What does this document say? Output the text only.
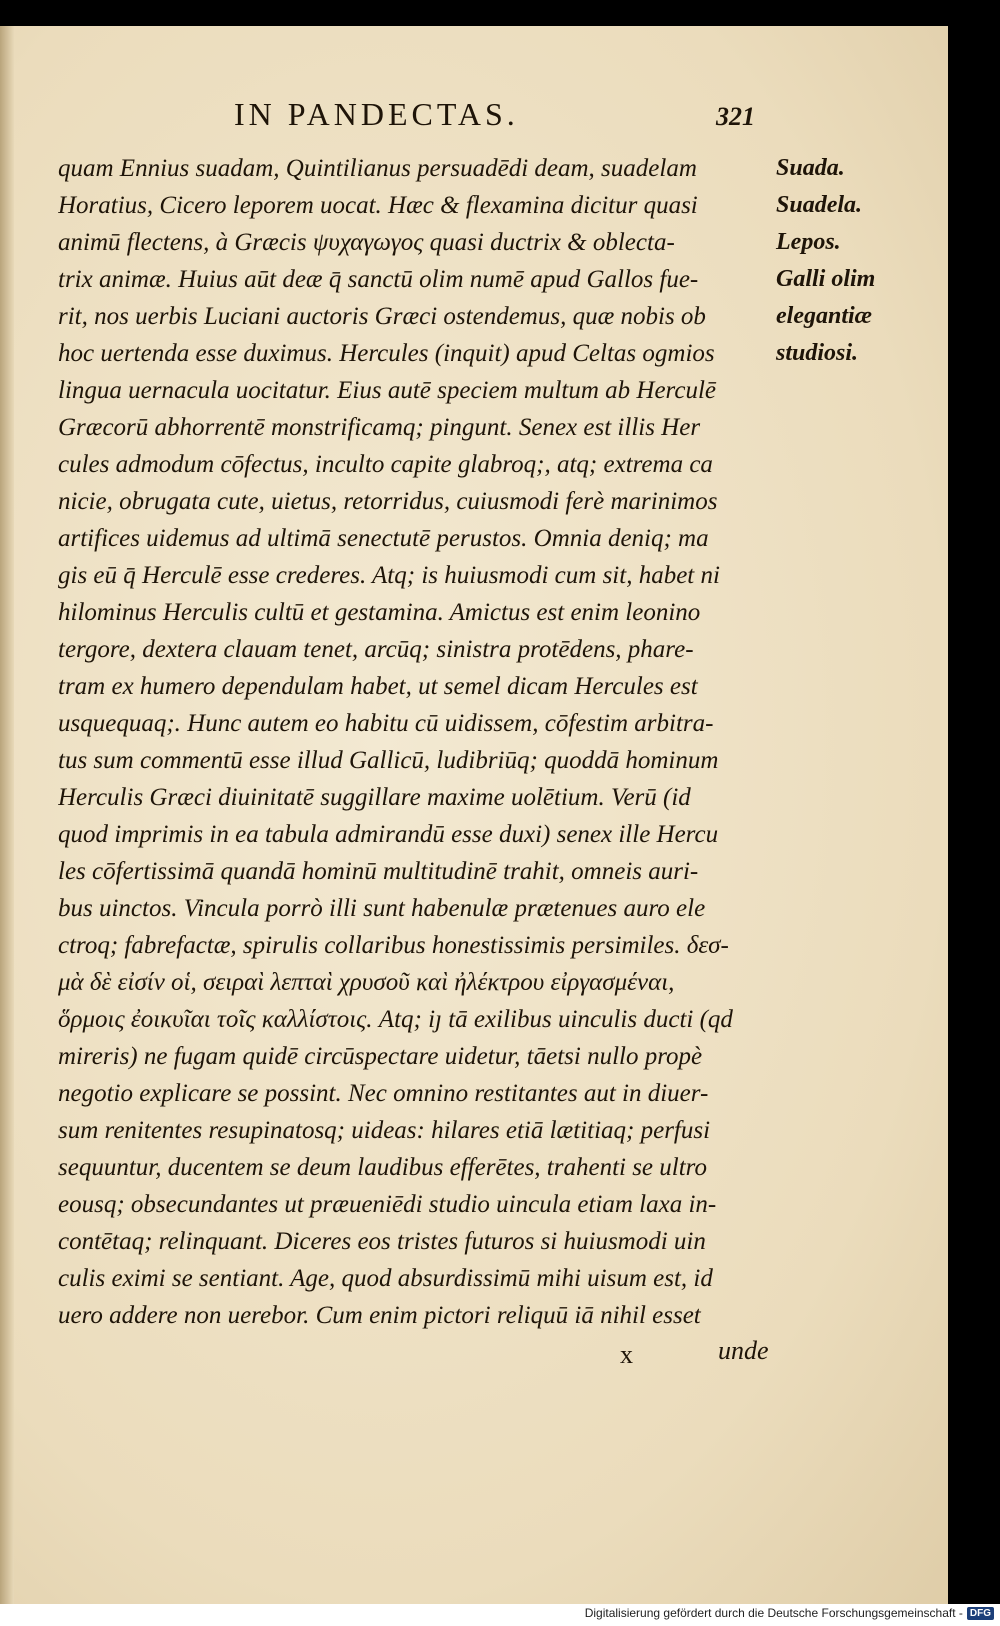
IN PANDECTAS.	321
quam Ennius suadam, Quintilianus persuadēdi deam, suadelam
Horatius, Cicero leporem uocat. Hæc & flexamina dicitur quasi
animū flectens, à Græcis ψυχαγωγος quasi ductrix & oblecta-
trix animæ. Huius aūt deæ q̄ sanctū olim numē apud Gallos fue-
rit, nos uerbis Luciani auctoris Græci ostendemus, quæ nobis ob
hoc uertenda esse duximus. Hercules (inquit) apud Celtas ogmios
lingua uernacula uocitatur. Eius autē speciem multum ab Herculē
Græcorū abhorrentē monstrificamq; pingunt. Senex est illis Her
cules admodum cōfectus, inculto capite glabroq;, atq; extrema ca
nicie, obrugata cute, uietus, retorridus, cuiusmodi ferè marinimos
artifices uidemus ad ultimā senectutē perustos. Omnia deniq; ma
gis eū q̄ Herculē esse crederes. Atq; is huiusmodi cum sit, habet ni
hilominus Herculis cultū et gestamina. Amictus est enim leonino
tergore, dextera clauam tenet, arcūq; sinistra protēdens, phare-
tram ex humero dependulam habet, ut semel dicam Hercules est
usquequaq;. Hunc autem eo habitu cū uidissem, cōfestim arbitra-
tus sum commentū esse illud Gallicū, ludibriūq; quoddā hominum
Herculis Græci diuinitatē suggillare maxime uolētium. Verū (id
quod imprimis in ea tabula admirandū esse duxi) senex ille Hercu
les cōfertissimā quandā hominū multitudinē trahit, omneis auri-
bus uinctos. Vincula porrò illi sunt habenulæ prætenues auro ele
ctroq; fabrefactæ, spirulis collaribus honestissimis persimiles. δεσ-
μὰ δὲ εἰσίν οἱ, σειραὶ λεπταὶ χρυσοῦ καὶ ἠλέκτρου εἰργασμέναι,
ὅρμοις ἐοικυῖαι τοῖς καλλίστοις. Atq; iȷ tā exilibus uinculis ducti (qd
mireris) ne fugam quidē circūspectare uidetur, tāetsi nullo propè
negotio explicare se possint. Nec omnino restitantes aut in diuer-
sum renitentes resupinatosq; uideas: hilares etiā lætitiaq; perfusi
sequuntur, ducentem se deum laudibus efferētes, trahenti se ultro
eousq; obsecundantes ut præueniēdi studio uincula etiam laxa in-
contētaq; relinquant. Diceres eos tristes futuros si huiusmodi uin
culis eximi se sentiant. Age, quod absurdissimū mihi uisum est, id
uero addere non uerebor. Cum enim pictori reliquū iā nihil esset
Suada.
Suadela.
Lepos.
Galli olim
elegantiæ
studiosi.
x	unde
Digitalisierung gefördert durch die Deutsche Forschungsgemeinschaft - DFG
